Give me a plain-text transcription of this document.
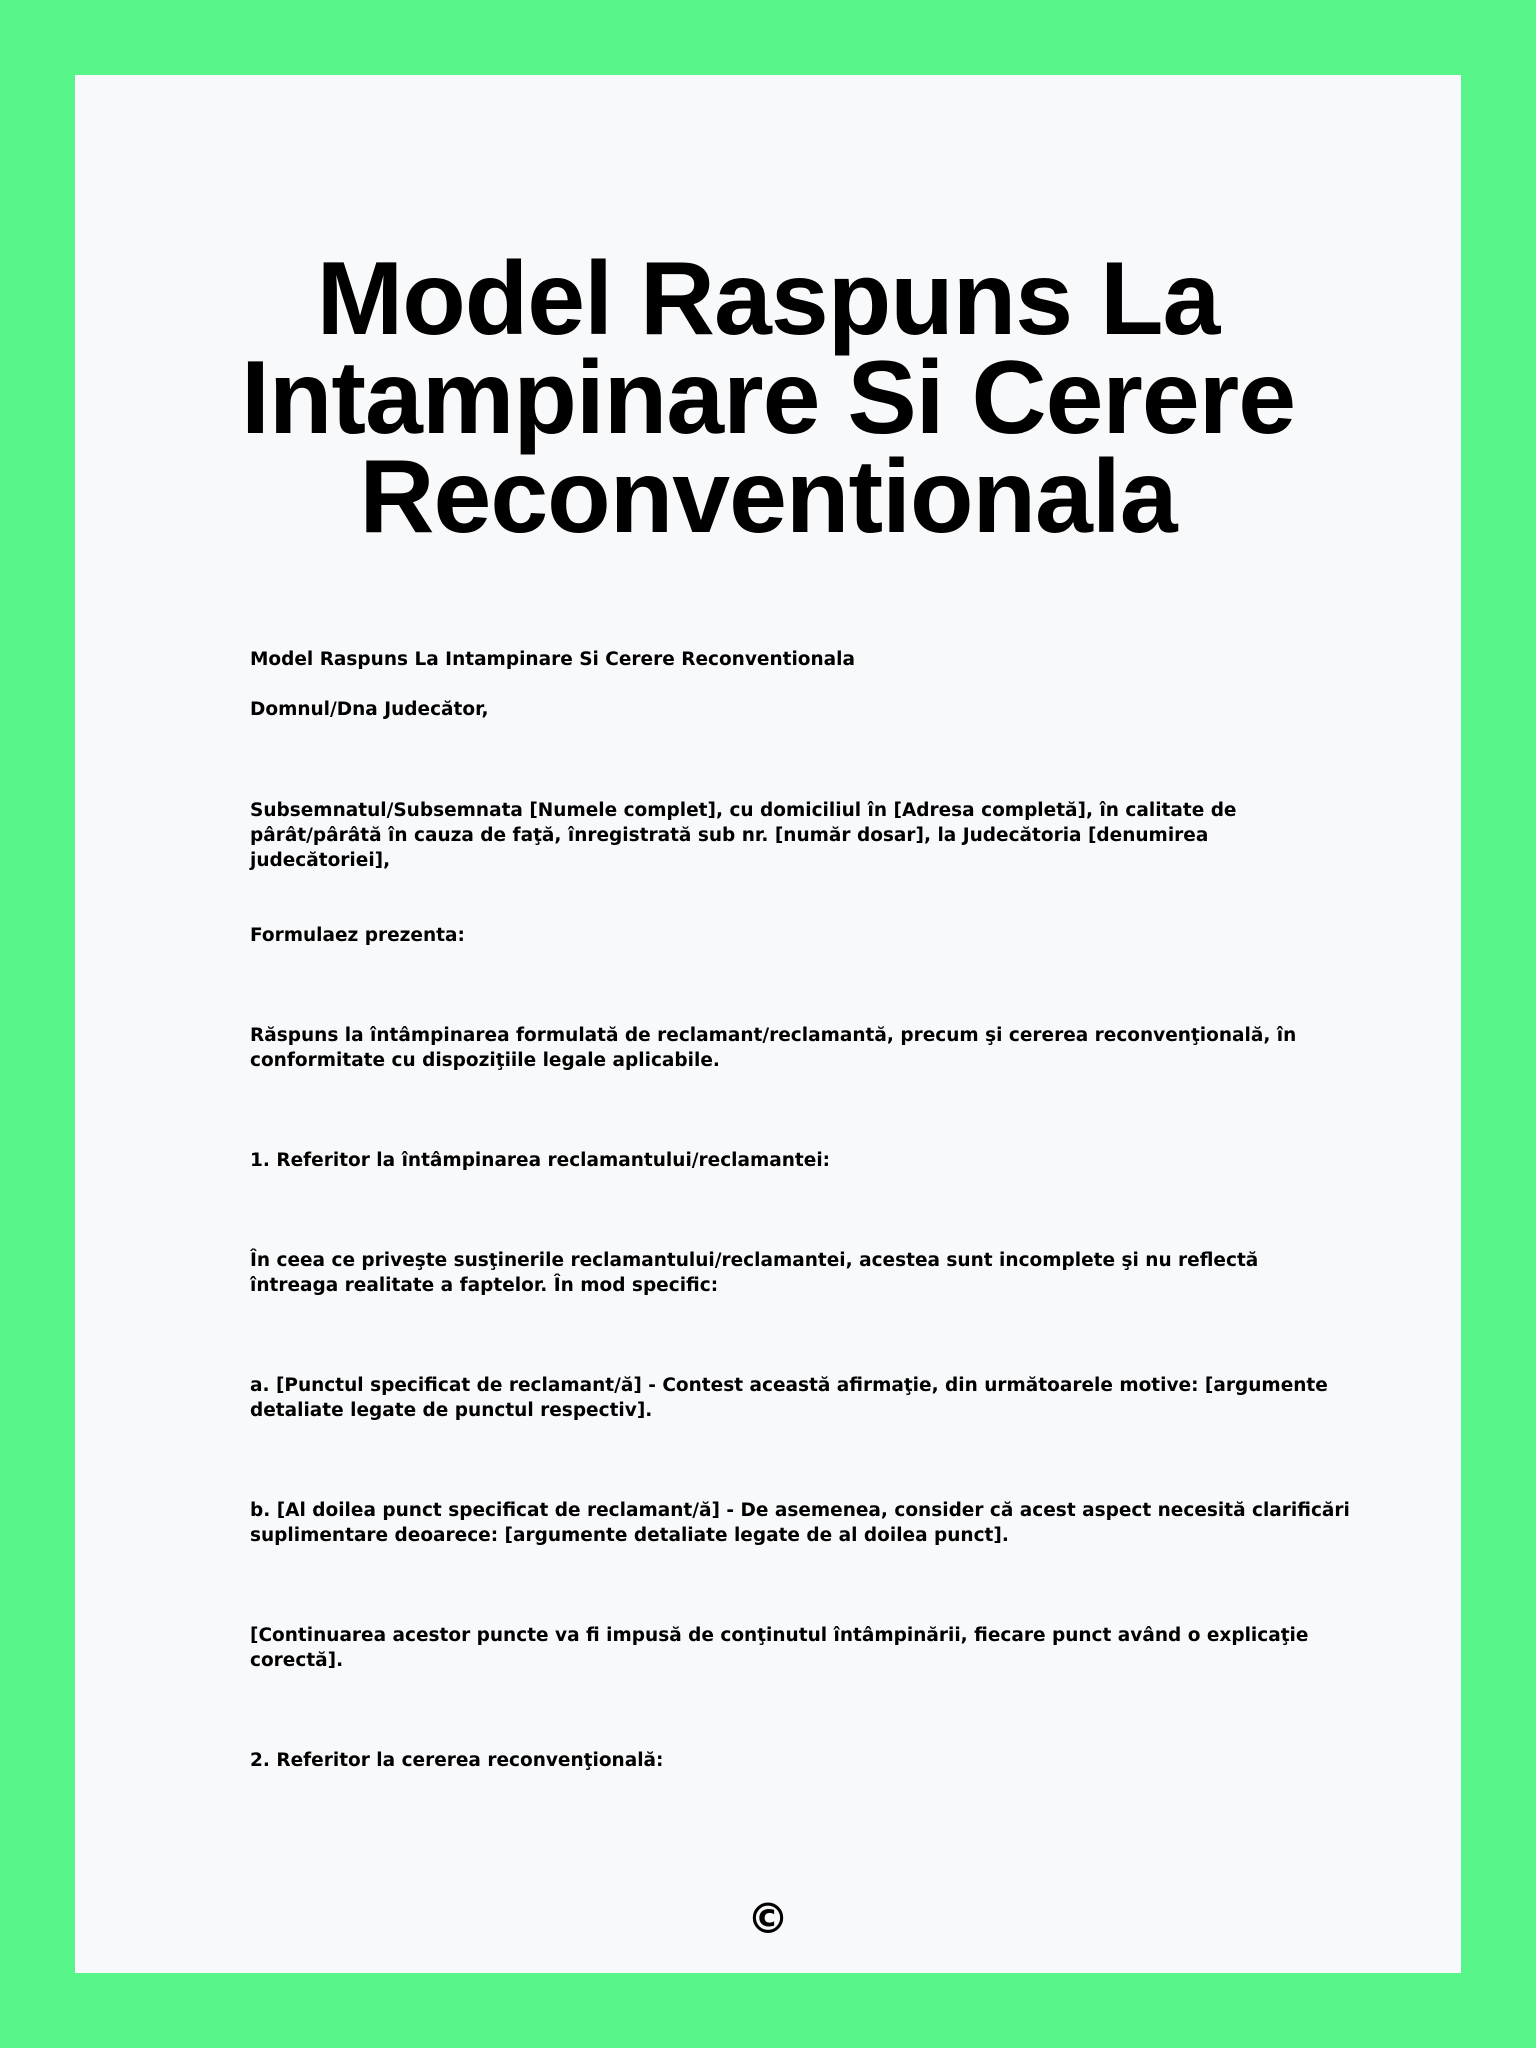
Model Raspuns La
Intampinare Si Cerere
Reconventionala

Model Raspuns La Intampinare Si Cerere Reconventionala

Domnul/Dna Judecător,

Subsemnatul/Subsemnata [Numele complet], cu domiciliul în [Adresa completă], în calitate de pârât/pârâtă în cauza de faţă, înregistrată sub nr. [număr dosar], la Judecătoria [denumirea judecătoriei],

Formulaez prezenta:

Răspuns la întâmpinarea formulată de reclamant/reclamantă, precum şi cererea reconvenţională, în conformitate cu dispoziţiile legale aplicabile.

1. Referitor la întâmpinarea reclamantului/reclamantei:

În ceea ce priveşte susţinerile reclamantului/reclamantei, acestea sunt incomplete şi nu reflectă întreaga realitate a faptelor. În mod specific:

a. [Punctul specificat de reclamant/ă] - Contest această afirmaţie, din următoarele motive: [argumente detaliate legate de punctul respectiv].

b. [Al doilea punct specificat de reclamant/ă] - De asemenea, consider că acest aspect necesită clarificări suplimentare deoarece: [argumente detaliate legate de al doilea punct].

[Continuarea acestor puncte va fi impusă de conţinutul întâmpinării, fiecare punct având o explicaţie corectă].

2. Referitor la cererea reconvenţională:

©
